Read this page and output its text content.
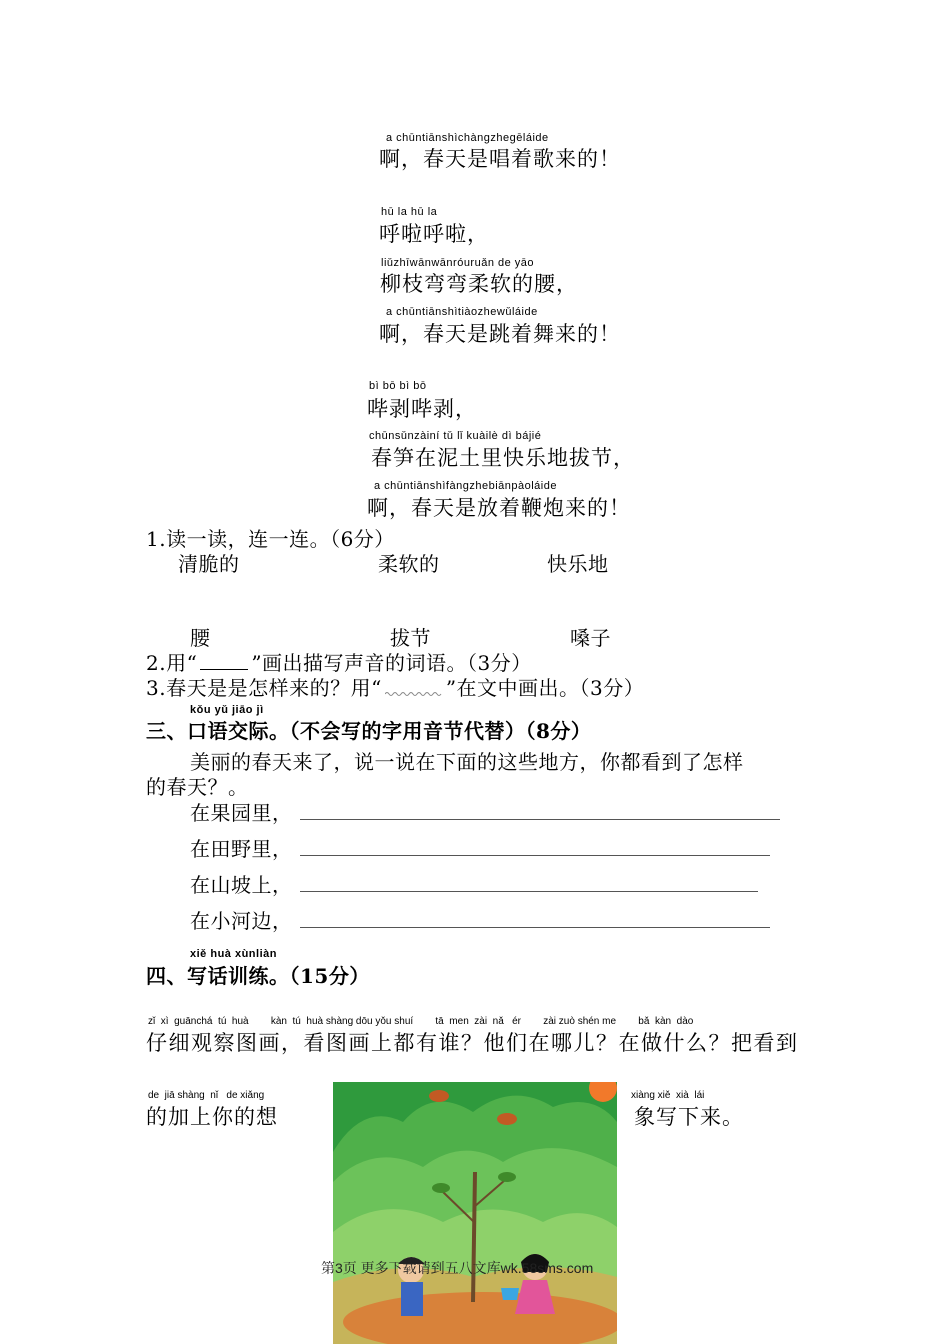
a chūntiānshìchàngzhegēláide
啊，春天是唱着歌来的！
hū la hū la
呼啦呼啦，
liǔzhīwānwānróuruǎn de yāo
柳枝弯弯柔软的腰，
a chūntiānshìtiàozhewǔláide
啊，春天是跳着舞来的！
bì bō bì bō
哔剥哔剥，
chūnsǔnzàiní tǔ lǐ kuàilè dì bájié
春笋在泥土里快乐地拔节，
a chūntiānshìfàngzhebiānpàoláide
啊，春天是放着鞭炮来的！
1.读一读，连一连。（6分）
清脆的	柔软的	快乐地
腰	拔节	嗓子
2.用“	”画出描写声音的词语。（3分）
3.春天是是怎样来的？用“	”在文中画出。（3分）
kǒu yǔ jiāo jì
三、口语交际。（不会写的字用音节代替）（8分）
美丽的春天来了，说一说在下面的这些地方，你都看到了怎样
的春天？。
在果园里，
在田野里，
在山坡上，
在小河边，
xiě huà xùnliàn
四、写话训练。（15分）
zǐ  xì  guānchá  tú  huà        kàn  tú  huà shàng dōu yǒu shuí        tā  men  zài  nǎ   ér        zài zuò shén me        bǎ  kàn  dào
仔细观察图画，看图画上都有谁？他们在哪儿？在做什么？把看到
de  jiā shàng  nǐ   de xiǎng
的加上你的想
xiàng xiě  xià  lái
象写下来。
第3页 更多下载请到五八文库wk.58sms.com
